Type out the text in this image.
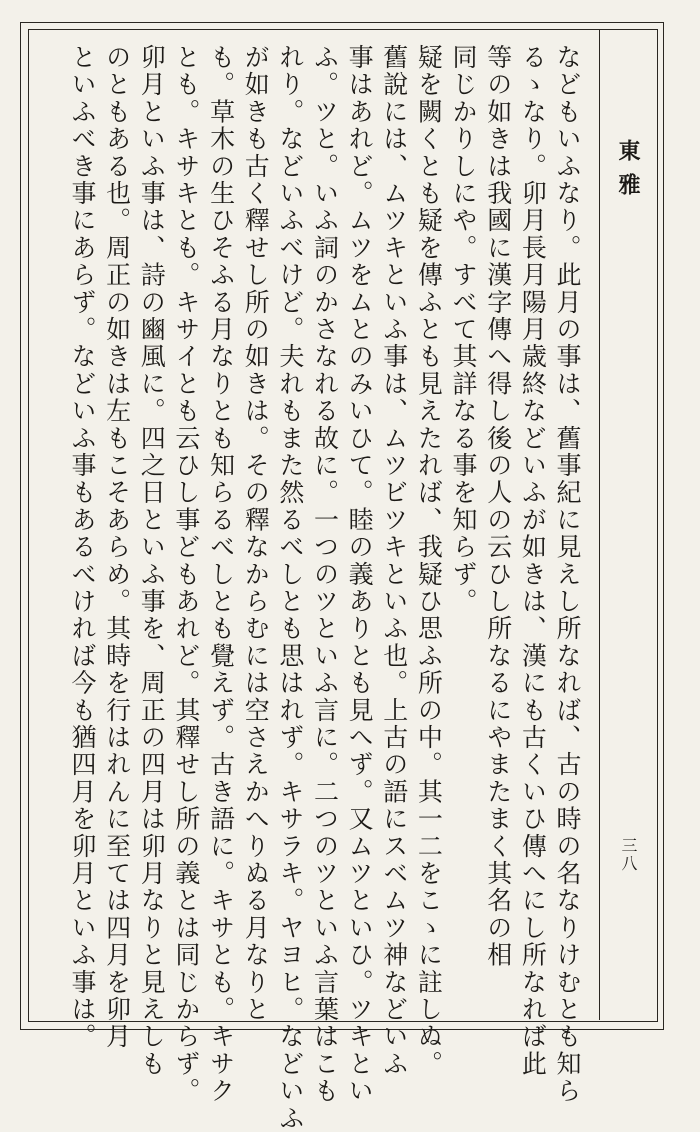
東雅
三八
などもいふなり。此月の事は、舊事紀に見えし所なれば、古の時の名なりけむとも知ら
るゝなり。卯月長月陽月歳終などいふが如きは、漢にも古くいひ傳へにし所なれば此
等の如きは我國に漢字傳へ得し後の人の云ひし所なるにやまたまく其名の相
同じかりしにや。すべて其詳なる事を知らず。
疑を闕くとも疑を傳ふとも見えたれば、我疑ひ思ふ所の中。其一二をこゝに註しぬ。
舊說には、ムツキといふ事は、ムツビツキといふ也。上古の語にスベムツ神などいふ
事はあれど。ムツをムとのみいひて。睦の義ありとも見へず。又ムツといひ。ツキとい
ふ。ツと。いふ詞のかさなれる故に。一つのツといふ言に。二つのツといふ言葉はこも
れり。などいふべけど。夫れもまた然るべしとも思はれず。キサラキ。ヤヨヒ。などいふ
が如きも古く釋せし所の如きは。その釋なからむには空さえかへりぬる月なりと
も。草木の生ひそふる月なりとも知らるべしとも覺えず。古き語に。キサとも。キサク
とも。キサキとも。キサイとも云ひし事どもあれど。其釋せし所の義とは同じからず。
卯月といふ事は、詩の豳風に。四之日といふ事を、周正の四月は卯月なりと見えしも
のともある也。周正の如きは左もこそあらめ。其時を行はれんに至ては四月を卯月
といふべき事にあらず。などいふ事もあるべければ今も猶四月を卯月といふ事は。
